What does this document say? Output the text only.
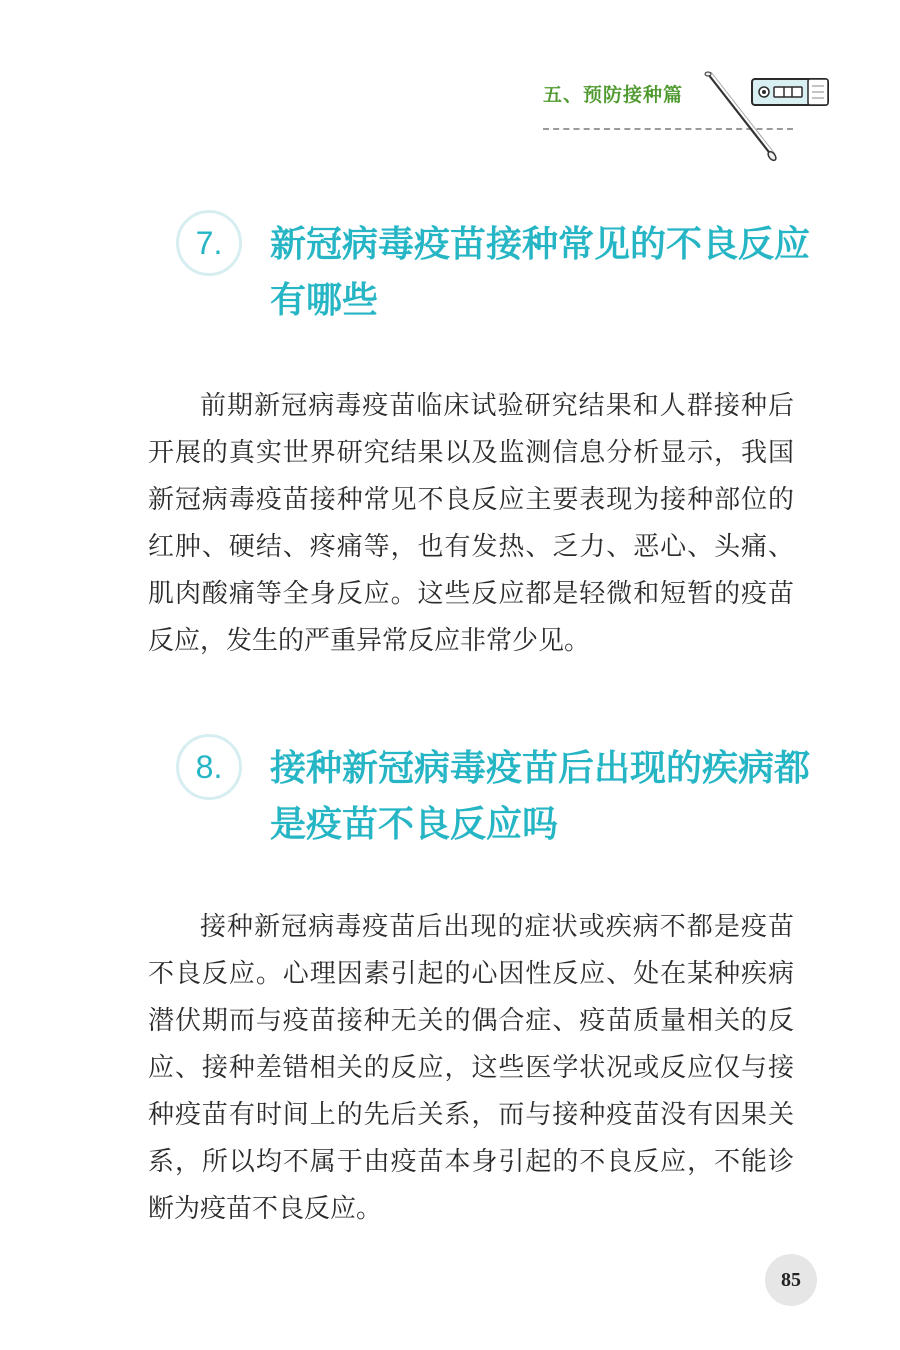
五、预防接种篇
7.	新冠病毒疫苗接种常见的不良反应有哪些

前期新冠病毒疫苗临床试验研究结果和人群接种后开展的真实世界研究结果以及监测信息分析显示，我国新冠病毒疫苗接种常见不良反应主要表现为接种部位的红肿、硬结、疼痛等，也有发热、乏力、恶心、头痛、肌肉酸痛等全身反应。这些反应都是轻微和短暂的疫苗反应，发生的严重异常反应非常少见。

8.	接种新冠病毒疫苗后出现的疾病都是疫苗不良反应吗

接种新冠病毒疫苗后出现的症状或疾病不都是疫苗不良反应。心理因素引起的心因性反应、处在某种疾病潜伏期而与疫苗接种无关的偶合症、疫苗质量相关的反应、接种差错相关的反应，这些医学状况或反应仅与接种疫苗有时间上的先后关系，而与接种疫苗没有因果关系，所以均不属于由疫苗本身引起的不良反应，不能诊断为疫苗不良反应。

85
